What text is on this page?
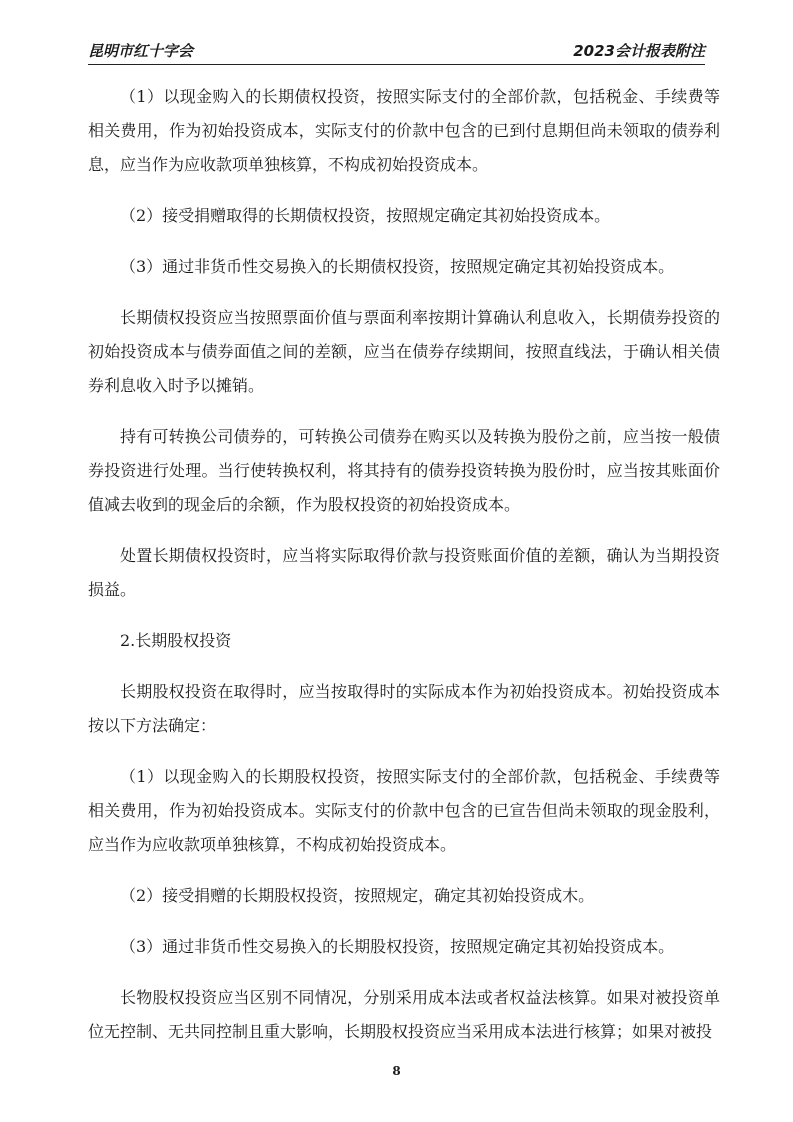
昆明市红十字会	2023会计报表附注

（1）以现金购入的长期债权投资，按照实际支付的全部价款，包括税金、手续费等相关费用，作为初始投资成本，实际支付的价款中包含的已到付息期但尚未领取的债券利息，应当作为应收款项单独核算，不构成初始投资成本。

（2）接受捐赠取得的长期债权投资，按照规定确定其初始投资成本。

（3）通过非货币性交易换入的长期债权投资，按照规定确定其初始投资成本。

长期债权投资应当按照票面价值与票面利率按期计算确认利息收入，长期债券投资的初始投资成本与债券面值之间的差额，应当在债券存续期间，按照直线法，于确认相关债券利息收入时予以摊销。

持有可转换公司债券的，可转换公司债券在购买以及转换为股份之前，应当按一般债券投资进行处理。当行使转换权利，将其持有的债券投资转换为股份时，应当按其账面价值减去收到的现金后的余额，作为股权投资的初始投资成本。

处置长期债权投资时，应当将实际取得价款与投资账面价值的差额，确认为当期投资损益。

2.长期股权投资

长期股权投资在取得时，应当按取得时的实际成本作为初始投资成本。初始投资成本按以下方法确定：

（1）以现金购入的长期股权投资，按照实际支付的全部价款，包括税金、手续费等相关费用，作为初始投资成本。实际支付的价款中包含的已宣告但尚未领取的现金股利，应当作为应收款项单独核算，不构成初始投资成本。

（2）接受捐赠的长期股权投资，按照规定，确定其初始投资成木。

（3）通过非货币性交易换入的长期股权投资，按照规定确定其初始投资成本。

长物股权投资应当区别不同情况，分别采用成本法或者权益法核算。如果对被投资单位无控制、无共同控制且重大影响，长期股权投资应当采用成本法进行核算；如果对被投

8
